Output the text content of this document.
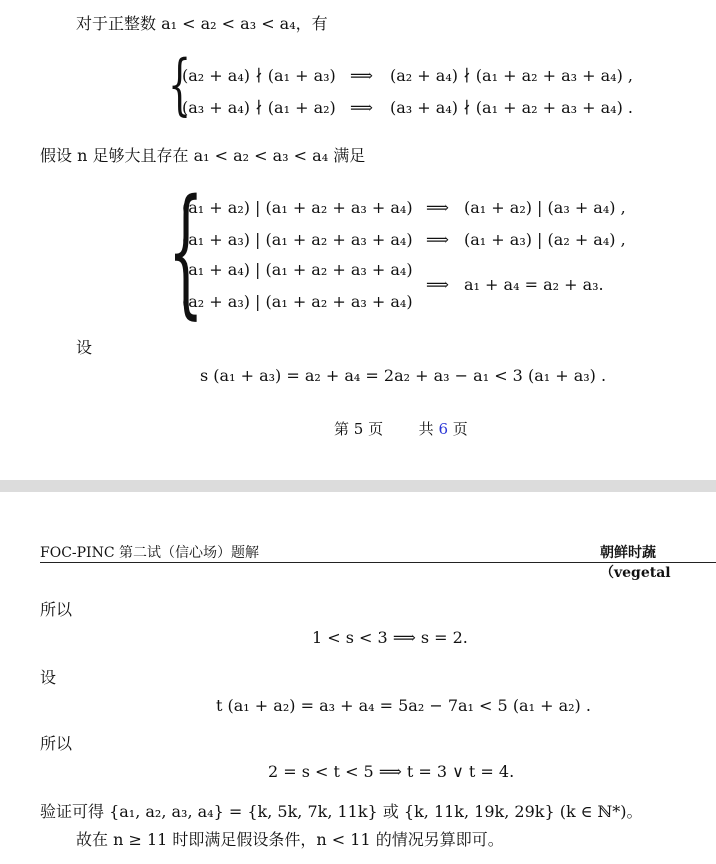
对于正整数 a₁ < a₂ < a₃ < a₄，有
{
(a₂ + a₄) ∤ (a₁ + a₃) ⟹ (a₂ + a₄) ∤ (a₁ + a₂ + a₃ + a₄) ,
(a₃ + a₄) ∤ (a₁ + a₂) ⟹ (a₃ + a₄) ∤ (a₁ + a₂ + a₃ + a₄) .
假设 n 足够大且存在 a₁ < a₂ < a₃ < a₄ 满足
{
(a₁ + a₂) | (a₁ + a₂ + a₃ + a₄) ⟹ (a₁ + a₂) | (a₃ + a₄) ,
(a₁ + a₃) | (a₁ + a₂ + a₃ + a₄) ⟹ (a₁ + a₃) | (a₂ + a₄) ,
(a₁ + a₄) | (a₁ + a₂ + a₃ + a₄)
(a₂ + a₃) | (a₁ + a₂ + a₃ + a₄)
⟹ a₁ + a₄ = a₂ + a₃.
设
s (a₁ + a₃) = a₂ + a₄ = 2a₂ + a₃ − a₁ < 3 (a₁ + a₃) .
第 5 页 共 6 页
FOC-PINC 第二试（信心场）题解	朝鲜时蔬（vegetal
所以
1 < s < 3 ⟹ s = 2.
设
t (a₁ + a₂) = a₃ + a₄ = 5a₂ − 7a₁ < 5 (a₁ + a₂) .
所以
2 = s < t < 5 ⟹ t = 3 ∨ t = 4.
验证可得 {a₁, a₂, a₃, a₄} = {k, 5k, 7k, 11k} 或 {k, 11k, 19k, 29k} (k ∈ ℕ*)。
故在 n ≥ 11 时即满足假设条件，n < 11 的情况另算即可。
